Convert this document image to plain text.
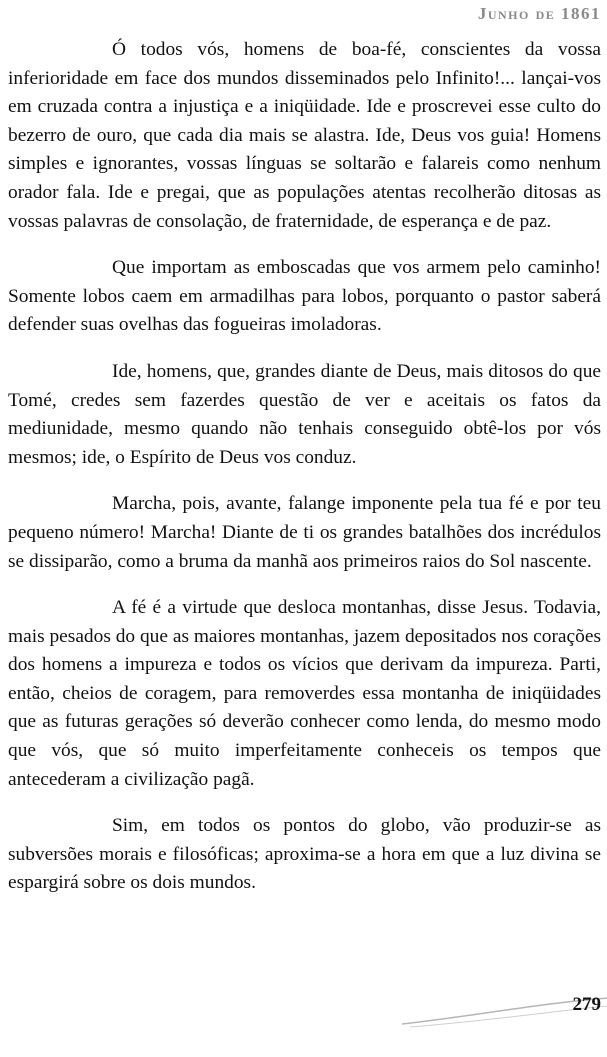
Junho de 1861

Ó todos vós, homens de boa-fé, conscientes da vossa inferioridade em face dos mundos disseminados pelo Infinito!... lançai-vos em cruzada contra a injustiça e a iniqüidade. Ide e proscrevei esse culto do bezerro de ouro, que cada dia mais se alastra. Ide, Deus vos guia! Homens simples e ignorantes, vossas línguas se soltarão e falareis como nenhum orador fala. Ide e pregai, que as populações atentas recolherão ditosas as vossas palavras de consolação, de fraternidade, de esperança e de paz.

Que importam as emboscadas que vos armem pelo caminho! Somente lobos caem em armadilhas para lobos, porquanto o pastor saberá defender suas ovelhas das fogueiras imoladoras.

Ide, homens, que, grandes diante de Deus, mais ditosos do que Tomé, credes sem fazerdes questão de ver e aceitais os fatos da mediunidade, mesmo quando não tenhais conseguido obtê-los por vós mesmos; ide, o Espírito de Deus vos conduz.

Marcha, pois, avante, falange imponente pela tua fé e por teu pequeno número! Marcha! Diante de ti os grandes batalhões dos incrédulos se dissiparão, como a bruma da manhã aos primeiros raios do Sol nascente.

A fé é a virtude que desloca montanhas, disse Jesus. Todavia, mais pesados do que as maiores montanhas, jazem depositados nos corações dos homens a impureza e todos os vícios que derivam da impureza. Parti, então, cheios de coragem, para removerdes essa montanha de iniqüidades que as futuras gerações só deverão conhecer como lenda, do mesmo modo que vós, que só muito imperfeitamente conheceis os tempos que antecederam a civilização pagã.

Sim, em todos os pontos do globo, vão produzir-se as subversões morais e filosóficas; aproxima-se a hora em que a luz divina se espargirá sobre os dois mundos.

279
